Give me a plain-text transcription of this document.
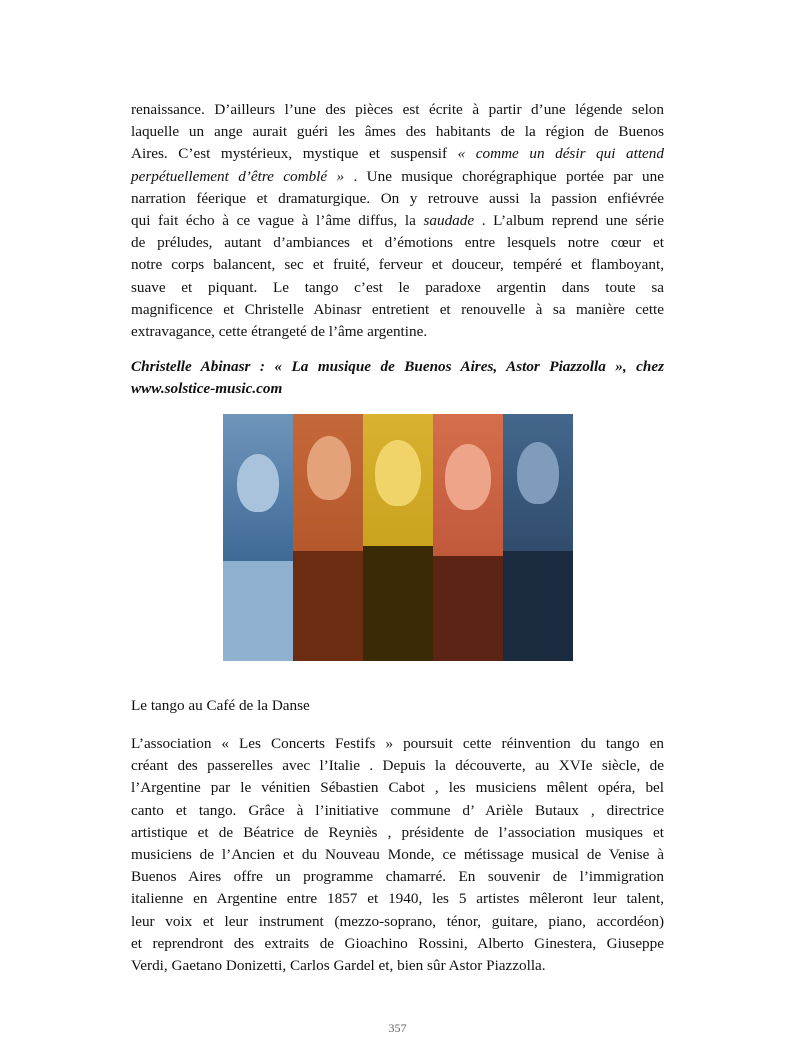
renaissance. D’ailleurs l’une des pièces est écrite à partir d’une légende selon
laquelle un ange aurait guéri les âmes des habitants de la région de Buenos
Aires. C’est mystérieux, mystique et suspensif « comme un désir qui attend
perpétuellement d’être comblé » . Une musique chorégraphique portée par une
narration féerique et dramaturgique. On y retrouve aussi la passion enfiévrée
qui fait écho à ce vague à l’âme diffus, la saudade . L’album reprend une série
de préludes, autant d’ambiances et d’émotions entre lesquels notre cœur et
notre corps balancent, sec et fruité, ferveur et douceur, tempéré et flamboyant,
suave et piquant. Le tango c’est le paradoxe argentin dans toute sa
magnificence et Christelle Abinasr entretient et renouvelle à sa manière cette
extravagance, cette étrangeté de l’âme argentine.
Christelle Abinasr : « La musique de Buenos Aires, Astor Piazzolla », chez
www.solstice-music.com

Le tango au Café de la Danse

L’association « Les Concerts Festifs » poursuit cette réinvention du tango en
créant des passerelles avec l’Italie . Depuis la découverte, au XVIe siècle, de
l’Argentine par le vénitien Sébastien Cabot , les musiciens mêlent opéra, bel
canto et tango. Grâce à l’initiative commune d’ Arièle Butaux , directrice
artistique et de Béatrice de Reyniès , présidente de l’association musiques et
musiciens de l’Ancien et du Nouveau Monde, ce métissage musical de Venise à
Buenos Aires offre un programme chamarré. En souvenir de l’immigration
italienne en Argentine entre 1857 et 1940, les 5 artistes mêleront leur talent,
leur voix et leur instrument (mezzo-soprano, ténor, guitare, piano, accordéon)
et reprendront des extraits de Gioachino Rossini, Alberto Ginestera, Giuseppe
Verdi, Gaetano Donizetti, Carlos Gardel et, bien sûr Astor Piazzolla.
357
